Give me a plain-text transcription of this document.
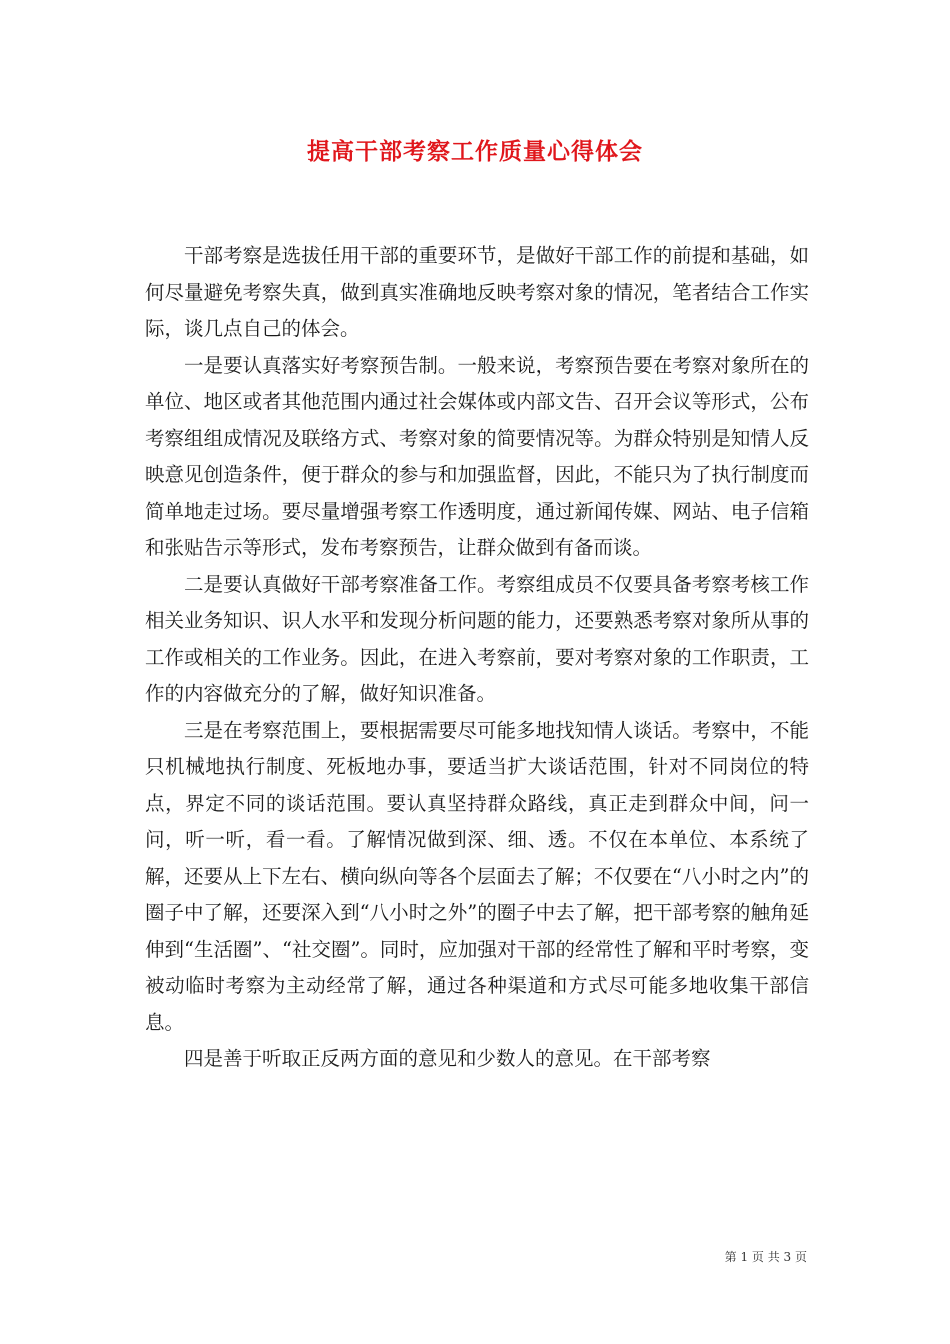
提高干部考察工作质量心得体会

干部考察是选拔任用干部的重要环节，是做好干部工作的前提和基础，如何尽量避免考察失真，做到真实准确地反映考察对象的情况，笔者结合工作实际，谈几点自己的体会。

一是要认真落实好考察预告制。一般来说，考察预告要在考察对象所在的单位、地区或者其他范围内通过社会媒体或内部文告、召开会议等形式，公布考察组组成情况及联络方式、考察对象的简要情况等。为群众特别是知情人反映意见创造条件，便于群众的参与和加强监督，因此，不能只为了执行制度而简单地走过场。要尽量增强考察工作透明度，通过新闻传媒、网站、电子信箱和张贴告示等形式，发布考察预告，让群众做到有备而谈。

二是要认真做好干部考察准备工作。考察组成员不仅要具备考察考核工作相关业务知识、识人水平和发现分析问题的能力，还要熟悉考察对象所从事的工作或相关的工作业务。因此，在进入考察前，要对考察对象的工作职责，工作的内容做充分的了解，做好知识准备。

三是在考察范围上，要根据需要尽可能多地找知情人谈话。考察中，不能只机械地执行制度、死板地办事，要适当扩大谈话范围，针对不同岗位的特点，界定不同的谈话范围。要认真坚持群众路线，真正走到群众中间，问一问，听一听，看一看。了解情况做到深、细、透。不仅在本单位、本系统了解，还要从上下左右、横向纵向等各个层面去了解；不仅要在“八小时之内”的圈子中了解，还要深入到“八小时之外”的圈子中去了解，把干部考察的触角延伸到“生活圈”、“社交圈”。同时，应加强对干部的经常性了解和平时考察，变被动临时考察为主动经常了解，通过各种渠道和方式尽可能多地收集干部信息。

四是善于听取正反两方面的意见和少数人的意见。在干部考察

第 1 页 共 3 页
